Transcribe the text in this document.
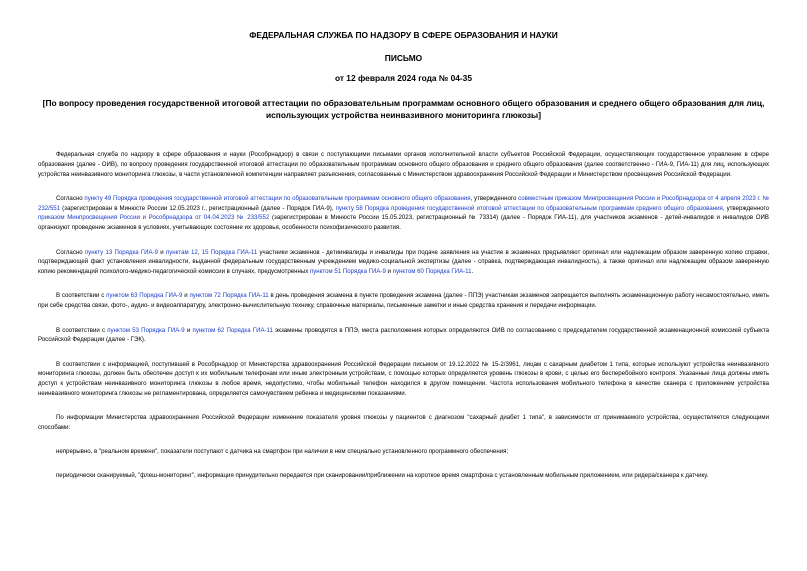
ФЕДЕРАЛЬНАЯ СЛУЖБА ПО НАДЗОРУ В СФЕРЕ ОБРАЗОВАНИЯ И НАУКИ
ПИСЬМО
от 12 февраля 2024 года № 04-35
[По вопросу проведения государственной итоговой аттестации по образовательным программам основного общего образования и среднего общего образования для лиц, использующих устройства неинвазивного мониторинга глюкозы]

Федеральная служба по надзору в сфере образования и науки (Рособрнадзор) в связи с поступающими письмами органов исполнительной власти субъектов Российской Федерации, осуществляющих государственное управление в сфере образования (далее - ОИВ), по вопросу проведения государственной итоговой аттестации по образовательным программам основного общего образования и среднего общего образования (далее соответственно - ГИА-9, ГИА-11) для лиц, использующих устройства неинвазивного мониторинга глюкозы, в части установленной компетенции направляет разъяснения, согласованные с Министерством здравоохранения Российской Федерации и Министерством просвещения Российской Федерации.

Согласно пункту 49 Порядка проведения государственной итоговой аттестации по образовательным программам основного общего образования, утвержденного совместным приказом Минпросвещения России и Рособрнадзора от 4 апреля 2023 г. № 232/551 (зарегистрирован в Минюсте России 12.05.2023 г., регистрационный (далее - Порядок ГИА-9), пункту 58 Порядка проведения государственной итоговой аттестации по образовательным программам среднего общего образования, утвержденного приказом Минпросвещения России и Рособрнадзора от 04.04.2023 № 233/552 (зарегистрирован в Минюсте России 15.05.2023, регистрационный № 73314) (далее - Порядок ГИА-11), для участников экзаменов - детей-инвалидов и инвалидов ОИВ организуют проведение экзаменов в условиях, учитывающих состояние их здоровья, особенности психофизического развития.

Согласно пункту 13 Порядка ГИА-9 и пунктам 12, 15 Порядка ГИА-11 участники экзаменов - детиинвалиды и инвалиды при подаче заявления на участие в экзаменах предъявляют оригинал или надлежащим образом заверенную копию справки, подтверждающей факт установления инвалидности, выданной федеральным государственным учреждением медико-социальной экспертизы (далее - справка, подтверждающая инвалидность), а также оригинал или надлежащим образом заверенную копию рекомендаций психолого-медико-педагогической комиссии в случаях, предусмотренных пунктом 51 Порядка ГИА-9 и пунктом 60 Порядка ГИА-11.

В соответствии с пунктом 63 Порядка ГИА-9 и пунктом 72 Порядка ГИА-11 в день проведения экзамена в пункте проведения экзамена (далее - ППЭ) участникам экзаменов запрещается выполнять экзаменационную работу несамостоятельно, иметь при себе средства связи, фото-, аудио- и видеоаппаратуру, электронно-вычислительную технику, справочные материалы, письменные заметки и иные средства хранения и передачи информации.

В соответствии с пунктом 53 Порядка ГИА-9 и пунктом 62 Порядка ГИА-11 экзамены проводятся в ППЭ, места расположения которых определяются ОИВ по согласованию с председателем государственной экзаменационной комиссией субъекта Российской Федерации (далее - ГЭК).

В соответствии с информацией, поступившей в Рособрнадзор от Министерства здравоохранения Российской Федерации письмом от 19.12.2022 № 15-2/3961, лицам с сахарным диабетом 1 типа, которые используют устройства неинвазивного мониторинга глюкозы, должен быть обеспечен доступ к их мобильным телефонам или иным электронным устройствам, с помощью которых определяется уровень глюкозы в крови, с целью его бесперебойного контроля. Указанные лица должны иметь доступ к устройствам неинвазивного мониторинга глюкозы в любое время, недопустимо, чтобы мобильный телефон находился в другом помещении. Частота использования мобильного телефона в качестве сканера с приложением устройства неинвазивного мониторинга глюкозы не регламентирована, определяется самочувствием ребенка и медицинскими показаниями.

По информации Министерства здравоохранения Российской Федерации изменение показателя уровня глюкозы у пациентов с диагнозом "сахарный диабет 1 типа", в зависимости от принимаемого устройства, осуществляется следующими способами:

непрерывно, в "реальном времени", показатели поступают с датчика на смартфон при наличии в нем специально установленного программного обеспечения;

периодически сканируемый, "флеш-мониторинг", информация принудительно передается при сканировании/приближении на короткое время смартфона с установленным мобильным приложением, или ридера/сканера к датчику.
